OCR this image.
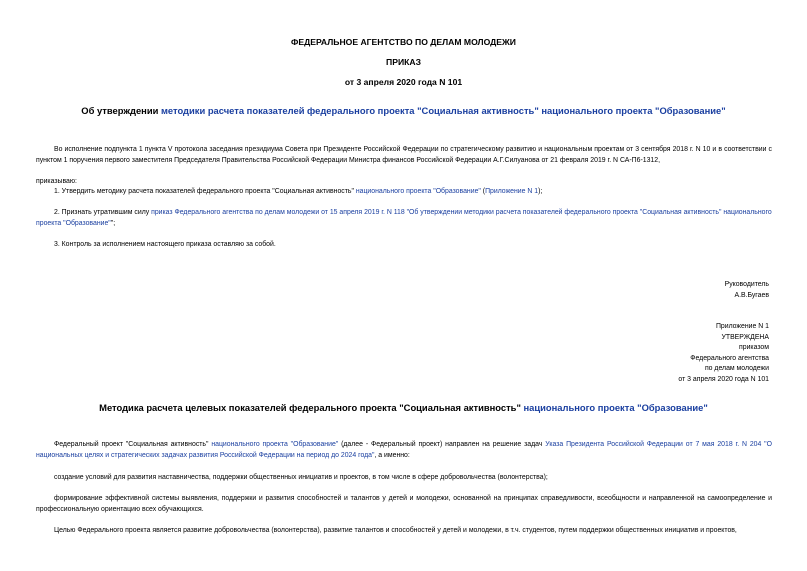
ФЕДЕРАЛЬНОЕ АГЕНТСТВО ПО ДЕЛАМ МОЛОДЕЖИ
ПРИКАЗ
от 3 апреля 2020 года N 101
Об утверждении методики расчета показателей федерального проекта "Социальная активность" национального проекта "Образование"
Во исполнение подпункта 1 пункта V протокола заседания президиума Совета при Президенте Российской Федерации по стратегическому развитию и национальным проектам от 3 сентября 2018 г. N 10 и в соответствии с пунктом 1 поручения первого заместителя Председателя Правительства Российской Федерации Министра финансов Российской Федерации А.Г.Силуанова от 21 февраля 2019 г. N СА-П6-1312,
приказываю:
1. Утвердить методику расчета показателей федерального проекта "Социальная активность" национального проекта "Образование" (Приложение N 1);
2. Признать утратившим силу приказ Федерального агентства по делам молодежи от 15 апреля 2019 г. N 118 "Об утверждении методики расчета показателей федерального проекта "Социальная активность" национального проекта "Образование"";
3. Контроль за исполнением настоящего приказа оставляю за собой.
Руководитель
А.В.Бугаев
Приложение N 1
УТВЕРЖДЕНА
приказом
Федерального агентства
по делам молодежи
от 3 апреля 2020 года N 101
Методика расчета целевых показателей федерального проекта "Социальная активность" национального проекта "Образование"
Федеральный проект "Социальная активность" национального проекта "Образование" (далее - Федеральный проект) направлен на решение задач Указа Президента Российской Федерации от 7 мая 2018 г. N 204 "О национальных целях и стратегических задачах развития Российской Федерации на период до 2024 года", а именно:
создание условий для развития наставничества, поддержки общественных инициатив и проектов, в том числе в сфере добровольчества (волонтерства);
формирование эффективной системы выявления, поддержки и развития способностей и талантов у детей и молодежи, основанной на принципах справедливости, всеобщности и направленной на самоопределение и профессиональную ориентацию всех обучающихся.
Целью Федерального проекта является развитие добровольчества (волонтерства), развитие талантов и способностей у детей и молодежи, в т.ч. студентов, путем поддержки общественных инициатив и проектов,
